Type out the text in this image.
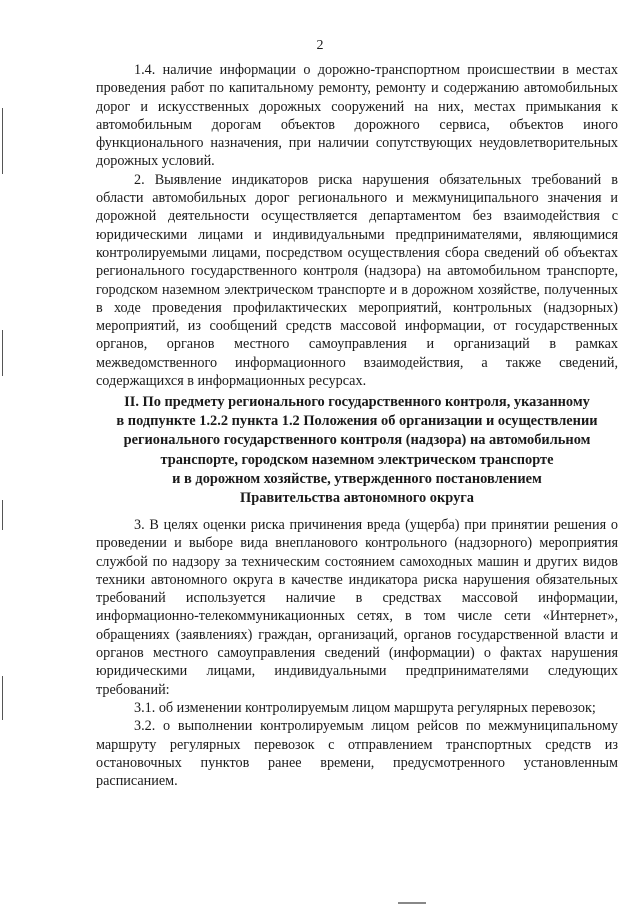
2

1.4. наличие информации о дорожно-транспортном происшествии в местах проведения работ по капитальному ремонту, ремонту и содержанию автомобильных дорог и искусственных дорожных сооружений на них, местах примыкания к автомобильным дорогам объектов дорожного сервиса, объектов иного функционального назначения, при наличии сопутствующих неудовлетворительных дорожных условий.

2. Выявление индикаторов риска нарушения обязательных требований в области автомобильных дорог регионального и межмуниципального значения и дорожной деятельности осуществляется департаментом без взаимодействия с юридическими лицами и индивидуальными предпринимателями, являющимися контролируемыми лицами, посредством осуществления сбора сведений об объектах регионального государственного контроля (надзора) на автомобильном транспорте, городском наземном электрическом транспорте и в дорожном хозяйстве, полученных в ходе проведения профилактических мероприятий, контрольных (надзорных) мероприятий, из сообщений средств массовой информации, от государственных органов, органов местного самоуправления и организаций в рамках межведомственного информационного взаимодействия, а также сведений, содержащихся в информационных ресурсах.

II. По предмету регионального государственного контроля, указанному
в подпункте 1.2.2 пункта 1.2 Положения об организации и осуществлении
регионального государственного контроля (надзора) на автомобильном
транспорте, городском наземном электрическом транспорте
и в дорожном хозяйстве, утвержденного постановлением
Правительства автономного округа

3. В целях оценки риска причинения вреда (ущерба) при принятии решения о проведении и выборе вида внепланового контрольного (надзорного) мероприятия службой по надзору за техническим состоянием самоходных машин и других видов техники автономного округа в качестве индикатора риска нарушения обязательных требований используется наличие в средствах массовой информации, информационно-телекоммуникационных сетях, в том числе сети «Интернет», обращениях (заявлениях) граждан, организаций, органов государственной власти и органов местного самоуправления сведений (информации) о фактах нарушения юридическими лицами, индивидуальными предпринимателями следующих требований:

3.1. об изменении контролируемым лицом маршрута регулярных перевозок;

3.2. о выполнении контролируемым лицом рейсов по межмуниципальному маршруту регулярных перевозок с отправлением транспортных средств из остановочных пунктов ранее времени, предусмотренного установленным расписанием.
